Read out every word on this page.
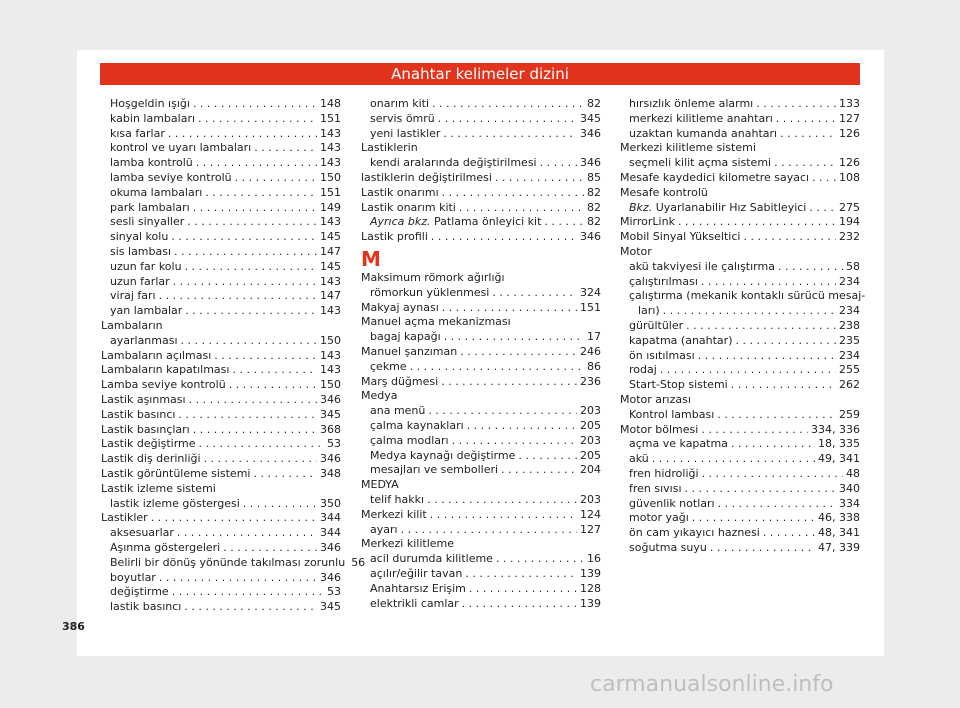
Anahtar kelimeler dizini
Hoşgeldin ışığı . . .	148
kabin lambaları . . .	151
kısa farlar . . .	143
kontrol ve uyarı lambaları . . .	143
lamba kontrolü . . .	143
lamba seviye kontrolü . . .	150
okuma lambaları . . .	151
park lambaları . . .	149
sesli sinyaller . . .	143
sinyal kolu . . .	145
sis lambası . . .	147
uzun far kolu . . .	145
uzun farlar . . .	143
viraj farı . . .	147
yan lambalar . . .	143
Lambaların
ayarlanması . . .	150
Lambaların açılması . . .	143
Lambaların kapatılması . . .	143
Lamba seviye kontrolü . . .	150
Lastik aşınması . . .	346
Lastik basıncı . . .	345
Lastik basınçları . . .	368
Lastik değiştirme . . .	53
Lastik diş derinliği . . .	346
Lastik görüntüleme sistemi . . .	348
Lastik izleme sistemi
lastik izleme göstergesi . . .	350
Lastikler . . .	344
aksesuarlar . . .	344
Aşınma göstergeleri . . .	346
Belirli bir dönüş yönünde takılması zorunlu 56
boyutlar . . .	346
değiştirme . . .	53
lastik basıncı . . .	345
onarım kiti . . .	82
servis ömrü . . .	345
yeni lastikler . . .	346
Lastiklerin
kendi aralarında değiştirilmesi . . .	346
lastiklerin değiştirilmesi . . .	85
Lastik onarımı . . .	82
Lastik onarım kiti . . .	82
Ayrıca bkz. Patlama önleyici kit . . .	82
Lastik profili . . .	346
M
Maksimum römork ağırlığı
römorkun yüklenmesi . . .	324
Makyaj aynası . . .	151
Manuel açma mekanizması
bagaj kapağı . . .	17
Manuel şanzıman . . .	246
çekme . . .	86
Marş düğmesi . . .	236
Medya
ana menü . . .	203
çalma kaynakları . . .	205
çalma modları . . .	203
Medya kaynağı değiştirme . . .	205
mesajları ve sembolleri . . .	204
MEDYA
telif hakkı . . .	203
Merkezi kilit . . .	124
ayarı . . .	127
Merkezi kilitleme
acil durumda kilitleme . . .	16
açılır/eğilir tavan . . .	139
Anahtarsız Erişim . . .	128
elektrikli camlar . . .	139
hırsızlık önleme alarmı . . .	133
merkezi kilitleme anahtarı . . .	127
uzaktan kumanda anahtarı . . .	126
Merkezi kilitleme sistemi
seçmeli kilit açma sistemi . . .	126
Mesafe kaydedici kilometre sayacı . . .	108
Mesafe kontrolü
Bkz. Uyarlanabilir Hız Sabitleyici . . .	275
MirrorLink . . .	194
Mobil Sinyal Yükseltici . . .	232
Motor
akü takviyesi ile çalıştırma . . .	58
çalıştırılması . . .	234
çalıştırma (mekanik kontaklı sürücü mesaj-
ları) . . .	234
gürültüler . . .	238
kapatma (anahtar) . . .	235
ön ısıtılması . . .	234
rodaj . . .	255
Start-Stop sistemi . . .	262
Motor arızası
Kontrol lambası . . .	259
Motor bölmesi . . .	334, 336
açma ve kapatma . . .	18, 335
akü . . .	49, 341
fren hidroliği . . .	48
fren sıvısı . . .	340
güvenlik notları . . .	334
motor yağı . . .	46, 338
ön cam yıkayıcı haznesi . . .	48, 341
soğutma suyu . . .	47, 339
386
carmanualsonline.info
